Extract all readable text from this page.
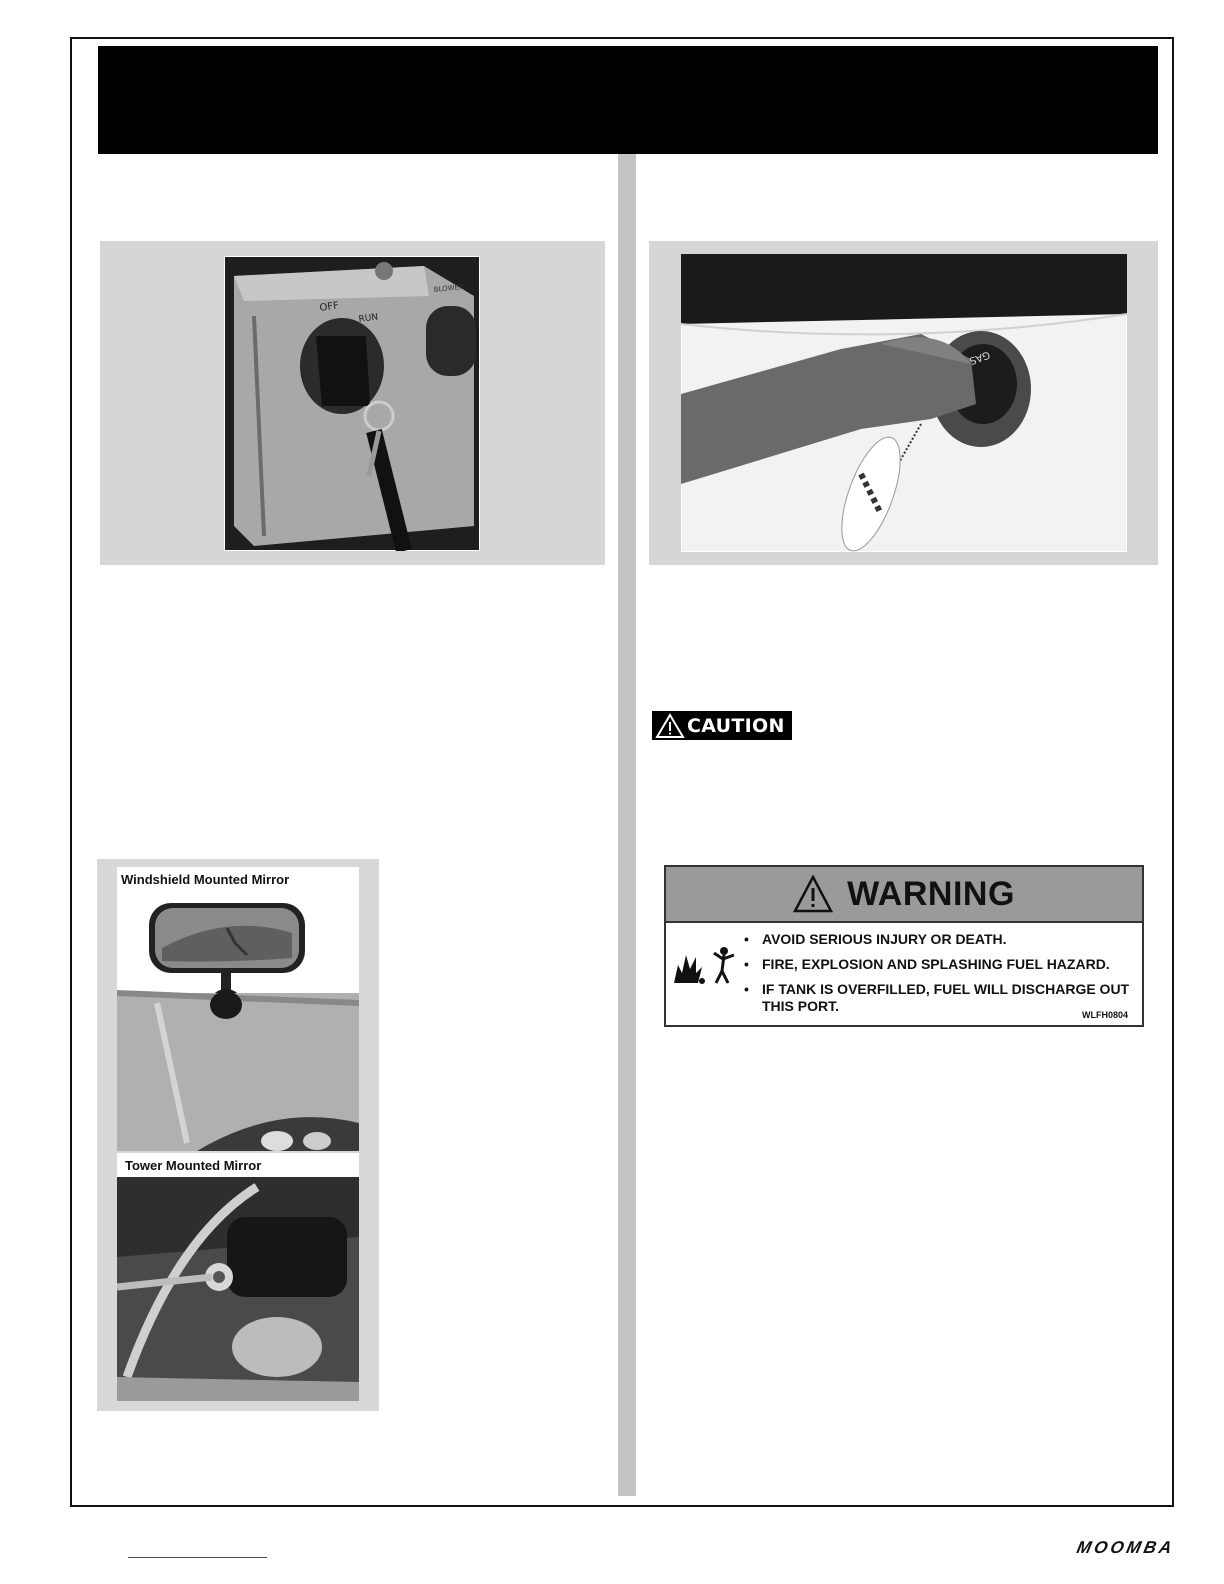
OFF
RUN
BLOWER
GAS
CAUTION
WARNING
• AVOID SERIOUS INJURY OR DEATH.
• FIRE, EXPLOSION AND SPLASHING FUEL HAZARD.
• IF TANK IS OVERFILLED, FUEL WILL DISCHARGE OUT THIS PORT.
WLFH0804
Windshield Mounted Mirror
Tower Mounted Mirror
MOOMBA
